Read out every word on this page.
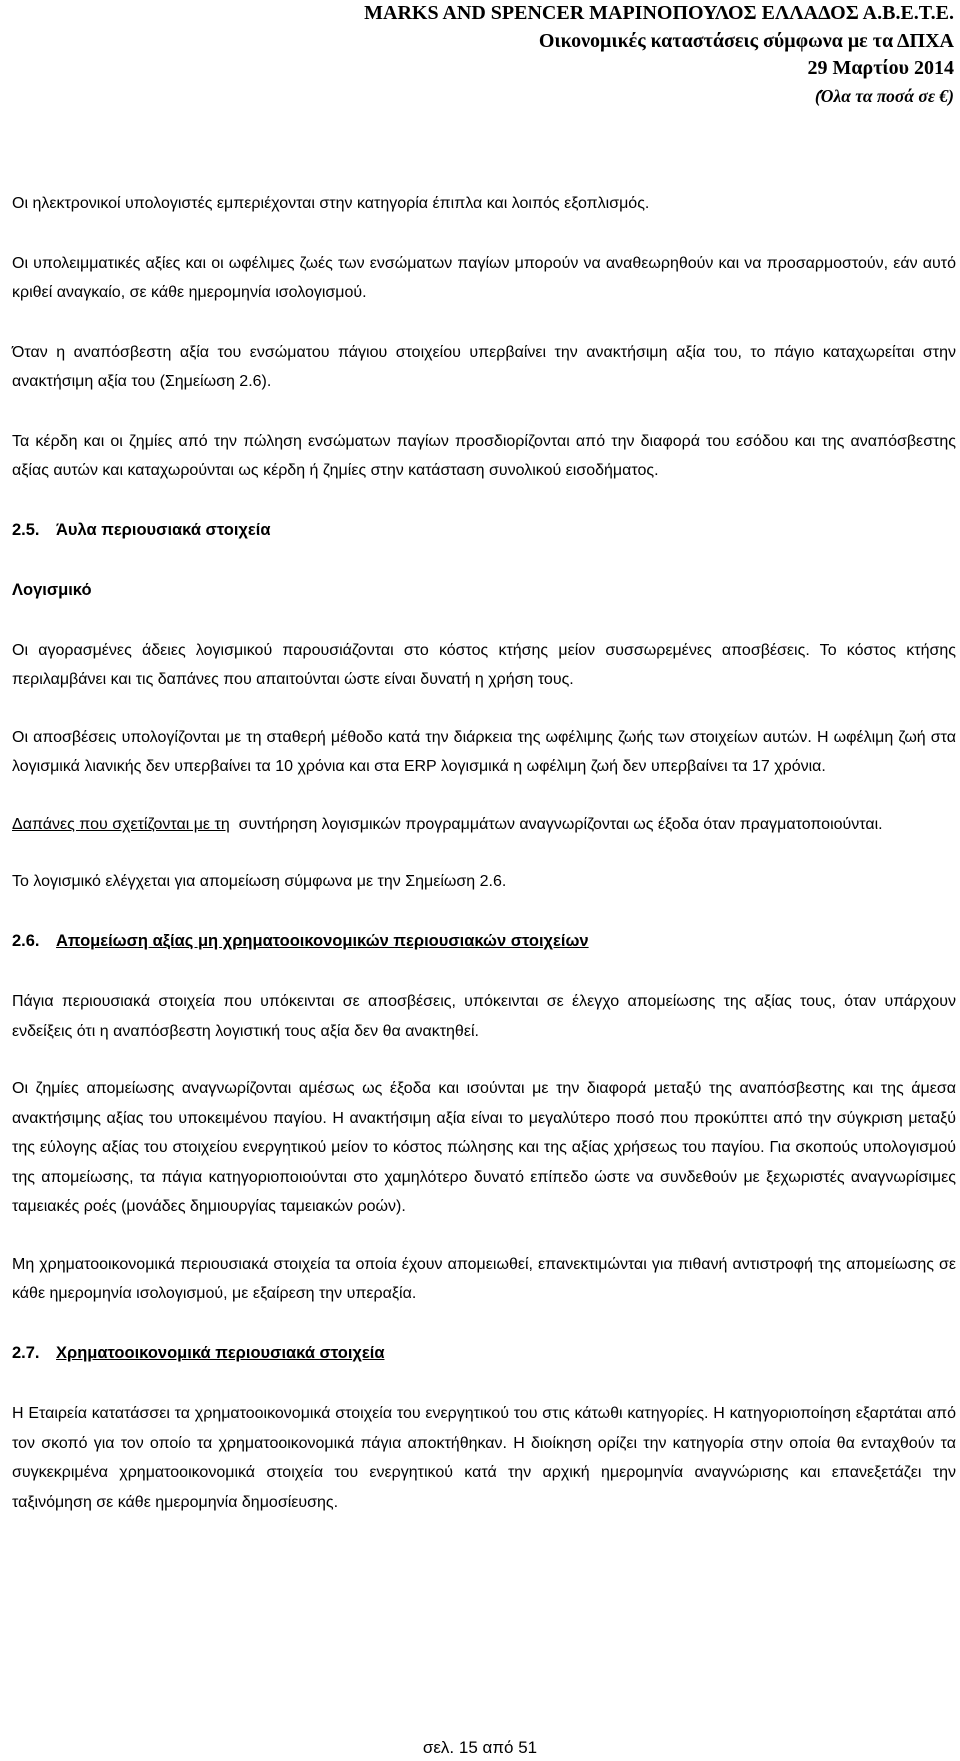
MARKS AND SPENCER ΜΑΡΙΝΟΠΟΥΛΟΣ ΕΛΛΑΔΟΣ Α.Β.Ε.Τ.Ε.
Οικονομικές καταστάσεις σύμφωνα με τα ΔΠΧΑ
29 Μαρτίου 2014
(Όλα τα ποσά σε €)

Οι ηλεκτρονικοί υπολογιστές εμπεριέχονται στην κατηγορία έπιπλα και λοιπός εξοπλισμός.

Οι υπολειμματικές αξίες και οι ωφέλιμες ζωές των ενσώματων παγίων μπορούν να αναθεωρηθούν και να προσαρμοστούν, εάν αυτό κριθεί αναγκαίο, σε κάθε ημερομηνία ισολογισμού.

Όταν η αναπόσβεστη αξία του ενσώματου πάγιου στοιχείου υπερβαίνει την ανακτήσιμη αξία του, το πάγιο καταχωρείται στην ανακτήσιμη αξία του (Σημείωση 2.6).

Τα κέρδη και οι ζημίες από την πώληση ενσώματων παγίων προσδιορίζονται από την διαφορά του εσόδου και της αναπόσβεστης αξίας αυτών και καταχωρούνται ως κέρδη ή ζημίες στην κατάσταση συνολικού εισοδήματος.

2.5. Άυλα περιουσιακά στοιχεία
Λογισμικό

Οι αγορασμένες άδειες λογισμικού παρουσιάζονται στο κόστος κτήσης μείον συσσωρεμένες αποσβέσεις. Το κόστος κτήσης περιλαμβάνει και τις δαπάνες που απαιτούνται ώστε είναι δυνατή η χρήση τους.

Οι αποσβέσεις υπολογίζονται με τη σταθερή μέθοδο κατά την διάρκεια της ωφέλιμης ζωής των στοιχείων αυτών. Η ωφέλιμη ζωή στα λογισμικά λιανικής δεν υπερβαίνει τα 10 χρόνια και στα ERP λογισμικά η ωφέλιμη ζωή δεν υπερβαίνει τα 17 χρόνια.

Δαπάνες που σχετίζονται με τη  συντήρηση λογισμικών προγραμμάτων αναγνωρίζονται ως έξοδα όταν πραγματοποιούνται.

Το λογισμικό ελέγχεται για απομείωση σύμφωνα με την Σημείωση 2.6.

2.6. Απομείωση αξίας μη χρηματοοικονομικών περιουσιακών στοιχείων

Πάγια περιουσιακά στοιχεία που υπόκεινται σε αποσβέσεις, υπόκεινται σε έλεγχο απομείωσης της αξίας τους, όταν υπάρχουν ενδείξεις ότι η αναπόσβεστη λογιστική τους αξία δεν θα ανακτηθεί.

Οι ζημίες απομείωσης αναγνωρίζονται αμέσως ως έξοδα και ισούνται με την διαφορά μεταξύ της αναπόσβεστης και της άμεσα ανακτήσιμης αξίας του υποκειμένου παγίου. Η ανακτήσιμη αξία είναι το μεγαλύτερο ποσό που προκύπτει από την σύγκριση μεταξύ της εύλογης αξίας του στοιχείου ενεργητικού μείον το κόστος πώλησης και της αξίας χρήσεως του παγίου. Για σκοπούς υπολογισμού της απομείωσης, τα πάγια κατηγοριοποιούνται στο χαμηλότερο δυνατό επίπεδο ώστε να συνδεθούν με ξεχωριστές αναγνωρίσιμες ταμειακές ροές (μονάδες δημιουργίας ταμειακών ροών).

Μη χρηματοοικονομικά περιουσιακά στοιχεία τα οποία έχουν απομειωθεί, επανεκτιμώνται για πιθανή αντιστροφή της απομείωσης σε κάθε ημερομηνία ισολογισμού, με εξαίρεση την υπεραξία.

2.7. Χρηματοοικονομικά περιουσιακά στοιχεία

Η Εταιρεία κατατάσσει τα χρηματοοικονομικά στοιχεία του ενεργητικού του στις κάτωθι κατηγορίες. Η κατηγοριοποίηση εξαρτάται από τον σκοπό για τον οποίο τα χρηματοοικονομικά πάγια αποκτήθηκαν. Η διοίκηση ορίζει την κατηγορία στην οποία θα ενταχθούν τα συγκεκριμένα χρηματοοικονομικά στοιχεία του ενεργητικού κατά την αρχική ημερομηνία αναγνώρισης και επανεξετάζει την ταξινόμηση σε κάθε ημερομηνία δημοσίευσης.

σελ. 15 από 51
